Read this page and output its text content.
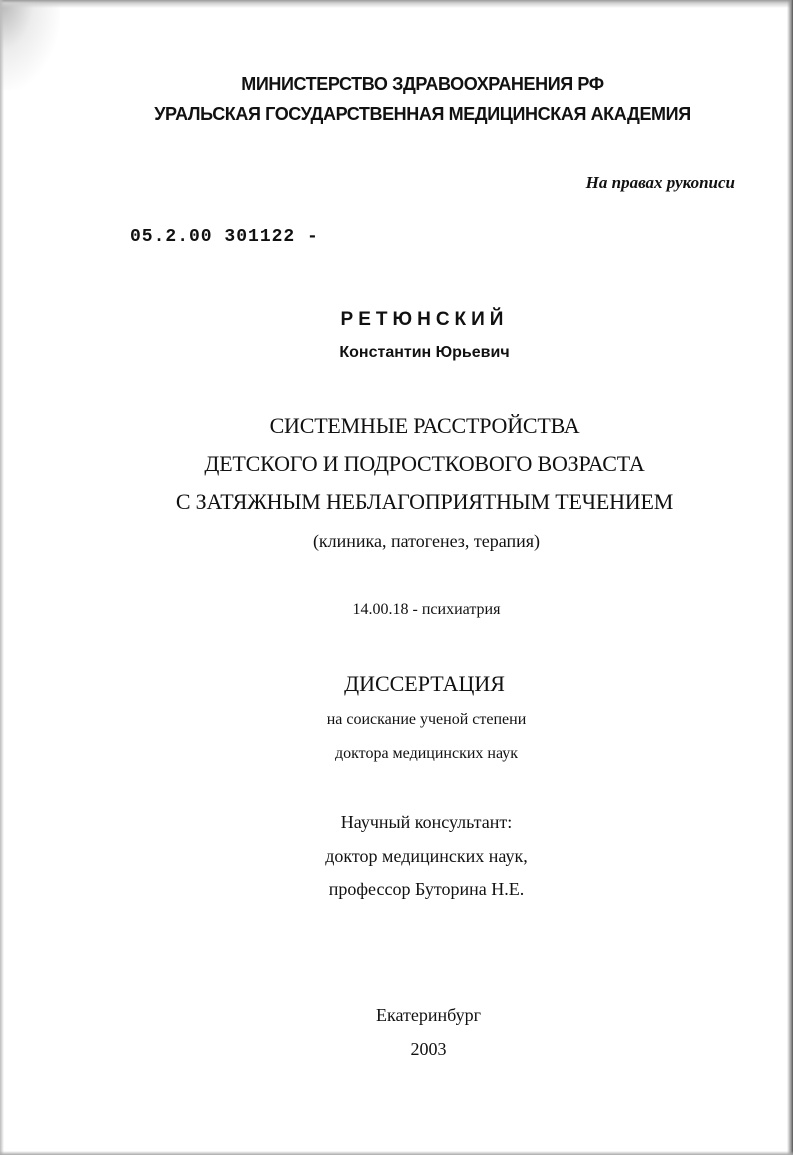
МИНИСТЕРСТВО ЗДРАВООХРАНЕНИЯ РФ
УРАЛЬСКАЯ ГОСУДАРСТВЕННАЯ МЕДИЦИНСКАЯ АКАДЕМИЯ
На правах рукописи
05.2.00 301122 -
РЕТЮНСКИЙ
Константин Юрьевич
СИСТЕМНЫЕ РАССТРОЙСТВА
ДЕТСКОГО И ПОДРОСТКОВОГО ВОЗРАСТА
С ЗАТЯЖНЫМ НЕБЛАГОПРИЯТНЫМ ТЕЧЕНИЕМ
(клиника, патогенез, терапия)
14.00.18 - психиатрия
ДИССЕРТАЦИЯ
на соискание ученой степени
доктора медицинских наук
Научный консультант:
доктор медицинских наук,
профессор Буторина Н.Е.
Екатеринбург
2003
